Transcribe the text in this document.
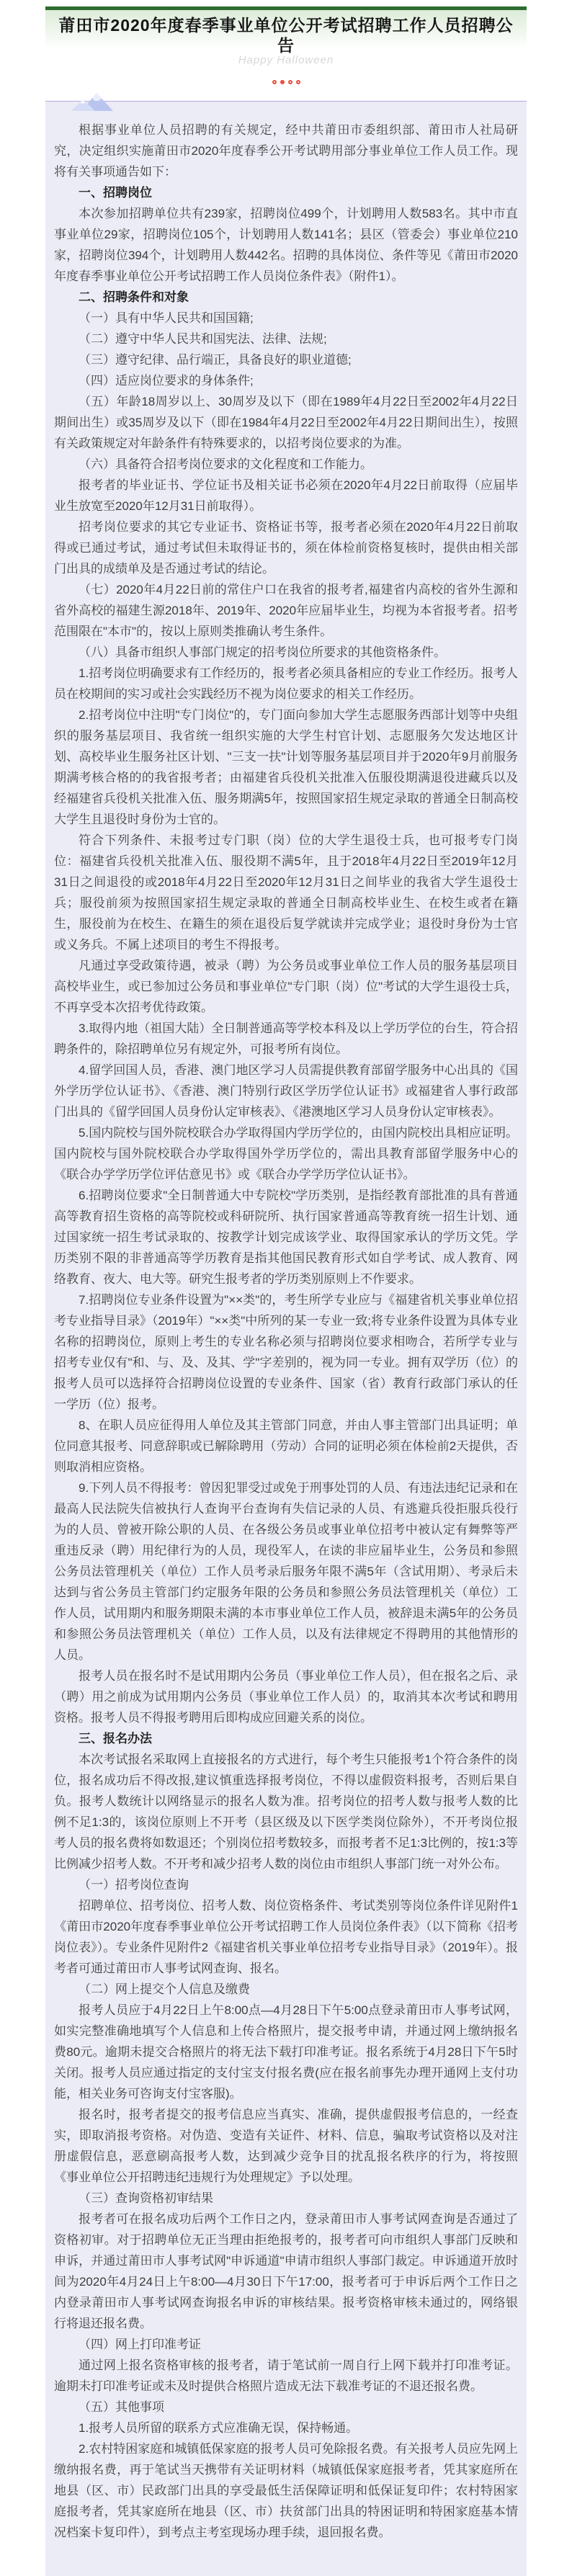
莆田市2020年度春季事业单位公开考试招聘工作人员招聘公告
Happy Halloween

根据事业单位人员招聘的有关规定，经中共莆田市委组织部、莆田市人社局研究，决定组织实施莆田市2020年度春季公开考试聘用部分事业单位工作人员工作。现将有关事项通告如下：

一、招聘岗位

本次参加招聘单位共有239家，招聘岗位499个，计划聘用人数583名。其中市直事业单位29家，招聘岗位105个，计划聘用人数141名；县区（管委会）事业单位210家，招聘岗位394个，计划聘用人数442名。招聘的具体岗位、条件等见《莆田市2020年度春季事业单位公开考试招聘工作人员岗位条件表》（附件1）。

二、招聘条件和对象

（一）具有中华人民共和国国籍;

（二）遵守中华人民共和国宪法、法律、法规;

（三）遵守纪律、品行端正，具备良好的职业道德;

（四）适应岗位要求的身体条件;

（五）年龄18周岁以上、30周岁及以下（即在1989年4月22日至2002年4月22日期间出生）或35周岁及以下（即在1984年4月22日至2002年4月22日期间出生），按照有关政策规定对年龄条件有特殊要求的，以招考岗位要求的为准。

（六）具备符合招考岗位要求的文化程度和工作能力。

报考者的毕业证书、学位证书及相关证书必须在2020年4月22日前取得（应届毕业生放宽至2020年12月31日前取得）。

招考岗位要求的其它专业证书、资格证书等，报考者必须在2020年4月22日前取得或已通过考试，通过考试但未取得证书的，须在体检前资格复核时，提供由相关部门出具的成绩单及是否通过考试的结论。

（七）2020年4月22日前的常住户口在我省的报考者,福建省内高校的省外生源和省外高校的福建生源2018年、2019年、2020年应届毕业生，均视为本省报考者。招考范围限在"本市"的，按以上原则类推确认考生条件。

（八）具备市组织人事部门规定的招考岗位所要求的其他资格条件。

1.招考岗位明确要求有工作经历的，报考者必须具备相应的专业工作经历。报考人员在校期间的实习或社会实践经历不视为岗位要求的相关工作经历。

2.招考岗位中注明"专门岗位"的，专门面向参加大学生志愿服务西部计划等中央组织的服务基层项目、我省统一组织实施的大学生村官计划、志愿服务欠发达地区计划、高校毕业生服务社区计划、"三支一扶"计划等服务基层项目并于2020年9月前服务期满考核合格的的我省报考者；由福建省兵役机关批准入伍服役期满退役进藏兵以及经福建省兵役机关批准入伍、服务期满5年，按照国家招生规定录取的普通全日制高校大学生且退役时身份为士官的。

符合下列条件、未报考过专门职（岗）位的大学生退役士兵，也可报考专门岗位：福建省兵役机关批准入伍、服役期不满5年，且于2018年4月22日至2019年12月31日之间退役的或2018年4月22日至2020年12月31日之间毕业的我省大学生退役士兵；服役前须为按照国家招生规定录取的普通全日制高校毕业生、在校生或者在籍生，服役前为在校生、在籍生的须在退役后复学就读并完成学业；退役时身份为士官或义务兵。不属上述项目的考生不得报考。

凡通过享受政策待遇，被录（聘）为公务员或事业单位工作人员的服务基层项目高校毕业生，或已参加过公务员和事业单位"专门职（岗）位"考试的大学生退役士兵，不再享受本次招考优待政策。

3.取得内地（祖国大陆）全日制普通高等学校本科及以上学历学位的台生，符合招聘条件的，除招聘单位另有规定外，可报考所有岗位。

4.留学回国人员，香港、澳门地区学习人员需提供教育部留学服务中心出具的《国外学历学位认证书》、《香港、澳门特别行政区学历学位认证书》或福建省人事行政部门出具的《留学回国人员身份认定审核表》、《港澳地区学习人员身份认定审核表》。

5.国内院校与国外院校联合办学取得国内学历学位的，由国内院校出具相应证明。国内院校与国外院校联合办学取得国外学历学位的，需出具教育部留学服务中心的《联合办学学历学位评估意见书》或《联合办学学历学位认证书》。

6.招聘岗位要求"全日制普通大中专院校"学历类别，是指经教育部批准的具有普通高等教育招生资格的高等院校或科研院所、执行国家普通高等教育统一招生计划、通过国家统一招生考试录取的、按教学计划完成该学业、取得国家承认的学历文凭。学历类别不限的非普通高等学历教育是指其他国民教育形式如自学考试、成人教育、网络教育、夜大、电大等。研究生报考者的学历类别原则上不作要求。

7.招聘岗位专业条件设置为"××类"的，考生所学专业应与《福建省机关事业单位招考专业指导目录》（2019年）"××类"中所列的某一专业一致;将专业条件设置为具体专业名称的招聘岗位，原则上考生的专业名称必须与招聘岗位要求相吻合，若所学专业与招考专业仅有"和、与、及、及其、学"字差别的，视为同一专业。拥有双学历（位）的报考人员可以选择符合招聘岗位设置的专业条件、国家（省）教育行政部门承认的任一学历（位）报考。

8、在职人员应征得用人单位及其主管部门同意，并由人事主管部门出具证明；单位同意其报考、同意辞职或已解除聘用（劳动）合同的证明必须在体检前2天提供，否则取消相应资格。

9.下列人员不得报考：曾因犯罪受过或免于刑事处罚的人员、有违法违纪记录和在最高人民法院失信被执行人查询平台查询有失信记录的人员、有逃避兵役拒服兵役行为的人员、曾被开除公职的人员、在各级公务员或事业单位招考中被认定有舞弊等严重违反录（聘）用纪律行为的人员，现役军人，在读的非应届毕业生，公务员和参照公务员法管理机关（单位）工作人员考录后服务年限不满5年（含试用期）、考录后未达到与省公务员主管部门约定服务年限的公务员和参照公务员法管理机关（单位）工作人员，试用期内和服务期限未满的本市事业单位工作人员，被辞退未满5年的公务员和参照公务员法管理机关（单位）工作人员，以及有法律规定不得聘用的其他情形的人员。

报考人员在报名时不是试用期内公务员（事业单位工作人员），但在报名之后、录（聘）用之前成为试用期内公务员（事业单位工作人员）的，取消其本次考试和聘用资格。报考人员不得报考聘用后即构成应回避关系的岗位。

三、报名办法

本次考试报名采取网上直接报名的方式进行，每个考生只能报考1个符合条件的岗位，报名成功后不得改报,建议慎重选择报考岗位，不得以虚假资料报考，否则后果自负。报考人数统计以网络显示的报名人数为准。招考岗位的招考人数与报考人数的比例不足1:3的，该岗位原则上不开考（县区级及以下医学类岗位除外），不开考岗位报考人员的报名费将如数退还；个别岗位招考数较多，而报考者不足1:3比例的，按1:3等比例减少招考人数。不开考和减少招考人数的岗位由市组织人事部门统一对外公布。

（一）招考岗位查询

招聘单位、招考岗位、招考人数、岗位资格条件、考试类别等岗位条件详见附件1《莆田市2020年度春季事业单位公开考试招聘工作人员岗位条件表》（以下简称《招考岗位表》）。专业条件见附件2《福建省机关事业单位招考专业指导目录》（2019年）。报考者可通过莆田市人事考试网查询、报名。

（二）网上提交个人信息及缴费

报考人员应于4月22日上午8:00点—4月28日下午5:00点登录莆田市人事考试网，如实完整准确地填写个人信息和上传合格照片，提交报考申请，并通过网上缴纳报名费80元。逾期未提交合格照片的将无法下载打印准考证。报名系统于4月28日下午5时关闭。报考人员应通过指定的支付宝支付报名费(应在报名前事先办理开通网上支付功能，相关业务可咨询支付宝客服)。

报名时，报考者提交的报考信息应当真实、准确，提供虚假报考信息的，一经查实，即取消报考资格。对伪造、变造有关证件、材料、信息，骗取考试资格以及对注册虚假信息，恶意刷高报考人数，达到减少竞争目的扰乱报名秩序的行为，将按照《事业单位公开招聘违纪违规行为处理规定》予以处理。

（三）查询资格初审结果

报考者可在报名成功后两个工作日之内，登录莆田市人事考试网查询是否通过了资格初审。对于招聘单位无正当理由拒绝报考的，报考者可向市组织人事部门反映和申诉，并通过莆田市人事考试网"申诉通道"申请市组织人事部门裁定。申诉通道开放时间为2020年4月24日上午8:00—4月30日下午17:00，报考者可于申诉后两个工作日之内登录莆田市人事考试网查询报名申诉的审核结果。报考资格审核未通过的，网络银行将退还报名费。

（四）网上打印准考证

通过网上报名资格审核的报考者，请于笔试前一周自行上网下载并打印准考证。逾期未打印准考证或未及时提供合格照片造成无法下载准考证的不退还报名费。

（五）其他事项

1.报考人员所留的联系方式应准确无误，保持畅通。

2.农村特困家庭和城镇低保家庭的报考人员可免除报名费。有关报考人员应先网上缴纳报名费，再于笔试当天携带有关证明材料（城镇低保家庭报考者，凭其家庭所在地县（区、市）民政部门出具的享受最低生活保障证明和低保证复印件；农村特困家庭报考者，凭其家庭所在地县（区、市）扶贫部门出具的特困证明和特困家庭基本情况档案卡复印件），到考点主考室现场办理手续，退回报名费。
